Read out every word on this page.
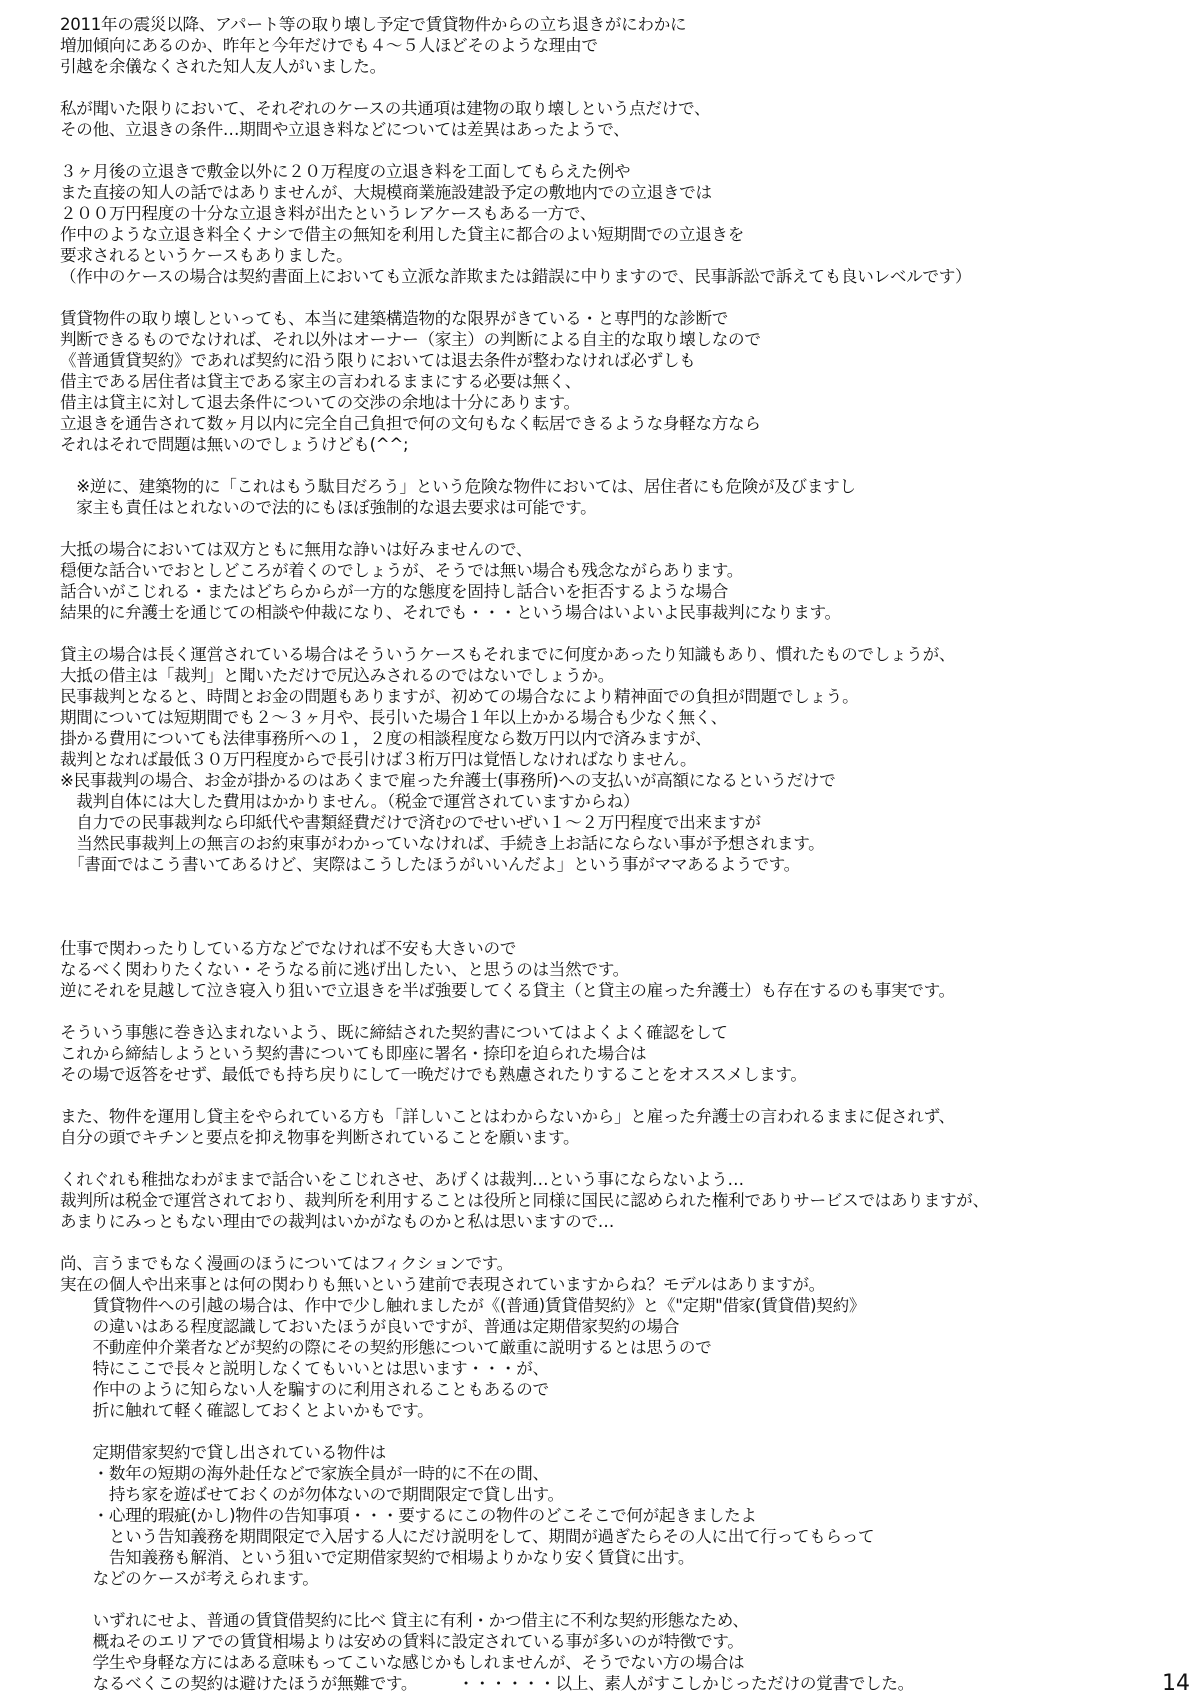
2011年の震災以降、アパート等の取り壊し予定で賃貸物件からの立ち退きがにわかに
増加傾向にあるのか、昨年と今年だけでも４～５人ほどそのような理由で
引越を余儀なくされた知人友人がいました。
私が聞いた限りにおいて、それぞれのケースの共通項は建物の取り壊しという点だけで、
その他、立退きの条件…期間や立退き料などについては差異はあったようで、
３ヶ月後の立退きで敷金以外に２０万程度の立退き料を工面してもらえた例や
また直接の知人の話ではありませんが、大規模商業施設建設予定の敷地内での立退きでは
２００万円程度の十分な立退き料が出たというレアケースもある一方で、
作中のような立退き料全くナシで借主の無知を利用した貸主に都合のよい短期間での立退きを
要求されるというケースもありました。
（作中のケースの場合は契約書面上においても立派な詐欺または錯誤に中りますので、民事訴訟で訴えても良いレベルです）
賃貸物件の取り壊しといっても、本当に建築構造物的な限界がきている・と専門的な診断で
判断できるものでなければ、それ以外はオーナー（家主）の判断による自主的な取り壊しなので
《普通賃貸契約》であれば契約に沿う限りにおいては退去条件が整わなければ必ずしも
借主である居住者は貸主である家主の言われるままにする必要は無く、
借主は貸主に対して退去条件についての交渉の余地は十分にあります。
立退きを通告されて数ヶ月以内に完全自己負担で何の文句もなく転居できるような身軽な方なら
それはそれで問題は無いのでしょうけども(^^;
　※逆に、建築物的に「これはもう駄目だろう」という危険な物件においては、居住者にも危険が及びますし
　家主も責任はとれないので法的にもほぼ強制的な退去要求は可能です。
大抵の場合においては双方ともに無用な諍いは好みませんので、
穏便な話合いでおとしどころが着くのでしょうが、そうでは無い場合も残念ながらあります。
話合いがこじれる・またはどちらからが一方的な態度を固持し話合いを拒否するような場合
結果的に弁護士を通じての相談や仲裁になり、それでも・・・という場合はいよいよ民事裁判になります。
貸主の場合は長く運営されている場合はそういうケースもそれまでに何度かあったり知識もあり、慣れたものでしょうが、
大抵の借主は「裁判」と聞いただけで尻込みされるのではないでしょうか。
民事裁判となると、時間とお金の問題もありますが、初めての場合なにより精神面での負担が問題でしょう。
期間については短期間でも２～３ヶ月や、長引いた場合１年以上かかる場合も少なく無く、
掛かる費用についても法律事務所への１，２度の相談程度なら数万円以内で済みますが、
裁判となれば最低３０万円程度からで長引けば３桁万円は覚悟しなければなりません。
※民事裁判の場合、お金が掛かるのはあくまで雇った弁護士(事務所)への支払いが高額になるというだけで
　裁判自体には大した費用はかかりません。（税金で運営されていますからね）
　自力での民事裁判なら印紙代や書類経費だけで済むのでせいぜい１～２万円程度で出来ますが
　当然民事裁判上の無言のお約束事がわかっていなければ、手続き上お話にならない事が予想されます。
　「書面ではこう書いてあるけど、実際はこうしたほうがいいんだよ」という事がママあるようです。
仕事で関わったりしている方などでなければ不安も大きいので
なるべく関わりたくない・そうなる前に逃げ出したい、と思うのは当然です。
逆にそれを見越して泣き寝入り狙いで立退きを半ば強要してくる貸主（と貸主の雇った弁護士）も存在するのも事実です。
そういう事態に巻き込まれないよう、既に締結された契約書についてはよくよく確認をして
これから締結しようという契約書についても即座に署名・捺印を迫られた場合は
その場で返答をせず、最低でも持ち戻りにして一晩だけでも熟慮されたりすることをオススメします。
また、物件を運用し貸主をやられている方も「詳しいことはわからないから」と雇った弁護士の言われるままに促されず、
自分の頭でキチンと要点を抑え物事を判断されていることを願います。
くれぐれも稚拙なわがままで話合いをこじれさせ、あげくは裁判…という事にならないよう…
裁判所は税金で運営されており、裁判所を利用することは役所と同様に国民に認められた権利でありサービスではありますが、
あまりにみっともない理由での裁判はいかがなものかと私は思いますので…
尚、言うまでもなく漫画のほうについてはフィクションです。
実在の個人や出来事とは何の関わりも無いという建前で表現されていますからね？モデルはありますが。
　　賃貸物件への引越の場合は、作中で少し触れましたが《(普通)賃貸借契約》と《"定期"借家(賃貸借)契約》
　　の違いはある程度認識しておいたほうが良いですが、普通は定期借家契約の場合
　　不動産仲介業者などが契約の際にその契約形態について厳重に説明するとは思うので
　　特にここで長々と説明しなくてもいいとは思います・・・が、
　　作中のように知らない人を騙すのに利用されることもあるので
　　折に触れて軽く確認しておくとよいかもです。
　　定期借家契約で貸し出されている物件は
　　・数年の短期の海外赴任などで家族全員が一時的に不在の間、
　　　持ち家を遊ばせておくのが勿体ないので期間限定で貸し出す。
　　・心理的瑕疵(かし)物件の告知事項・・・要するにこの物件のどこそこで何が起きましたよ
　　　という告知義務を期間限定で入居する人にだけ説明をして、期間が過ぎたらその人に出て行ってもらって
　　　告知義務も解消、という狙いで定期借家契約で相場よりかなり安く賃貸に出す。
　　などのケースが考えられます。
　　いずれにせよ、普通の賃貸借契約に比べ 貸主に有利・かつ借主に不利な契約形態なため、
　　概ねそのエリアでの賃貸相場よりは安めの賃料に設定されている事が多いのが特徴です。
　　学生や身軽な方にはある意味もってこいな感じかもしれませんが、そうでない方の場合は
　　なるべくこの契約は避けたほうが無難です。　　　・・・・・・以上、素人がすこしかじっただけの覚書でした。	14
